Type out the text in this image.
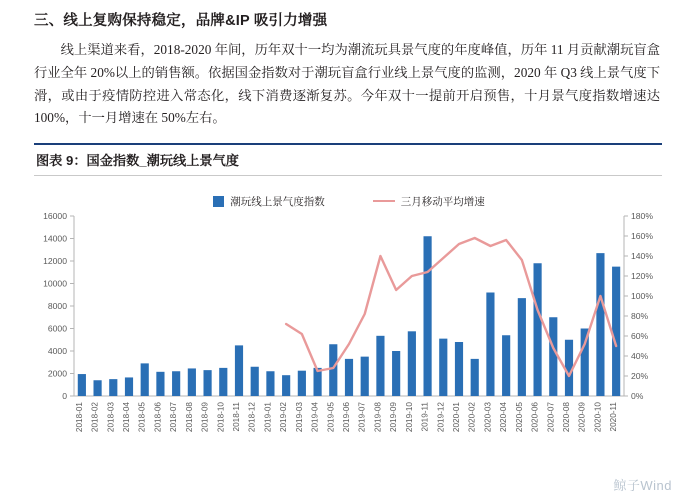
三、线上复购保持稳定，品牌&IP 吸引力增强
线上渠道来看，2018-2020 年间，历年双十一均为潮流玩具景气度的年度峰值，历年 11 月贡献潮玩盲盒行业全年 20%以上的销售额。依据国金指数对于潮玩盲盒行业线上景气度的监测，2020 年 Q3 线上景气度下滑，或由于疫情防控进入常态化，线下消费逐渐复苏。今年双十一提前开启预售，十月景气度指数增速达 100%，十一月增速在 50%左右。
图表 9：国金指数_潮玩线上景气度
潮玩线上景气度指数	三月移动平均增速
0
2000
4000
6000
8000
10000
12000
14000
16000
0%
20%
40%
60%
80%
100%
120%
140%
160%
180%
2018-01 2018-02 2018-03 2018-04 2018-05 2018-06 2018-07 2018-08 2018-09 2018-10 2018-11 2018-12 2019-01 2019-02 2019-03 2019-04 2019-05 2019-06 2019-07 2019-08 2019-09 2019-10 2019-11 2019-12 2020-01 2020-02 2020-03 2020-04 2020-05 2020-06 2020-07 2020-08 2020-09 2020-10 2020-11
鲸子Wind
